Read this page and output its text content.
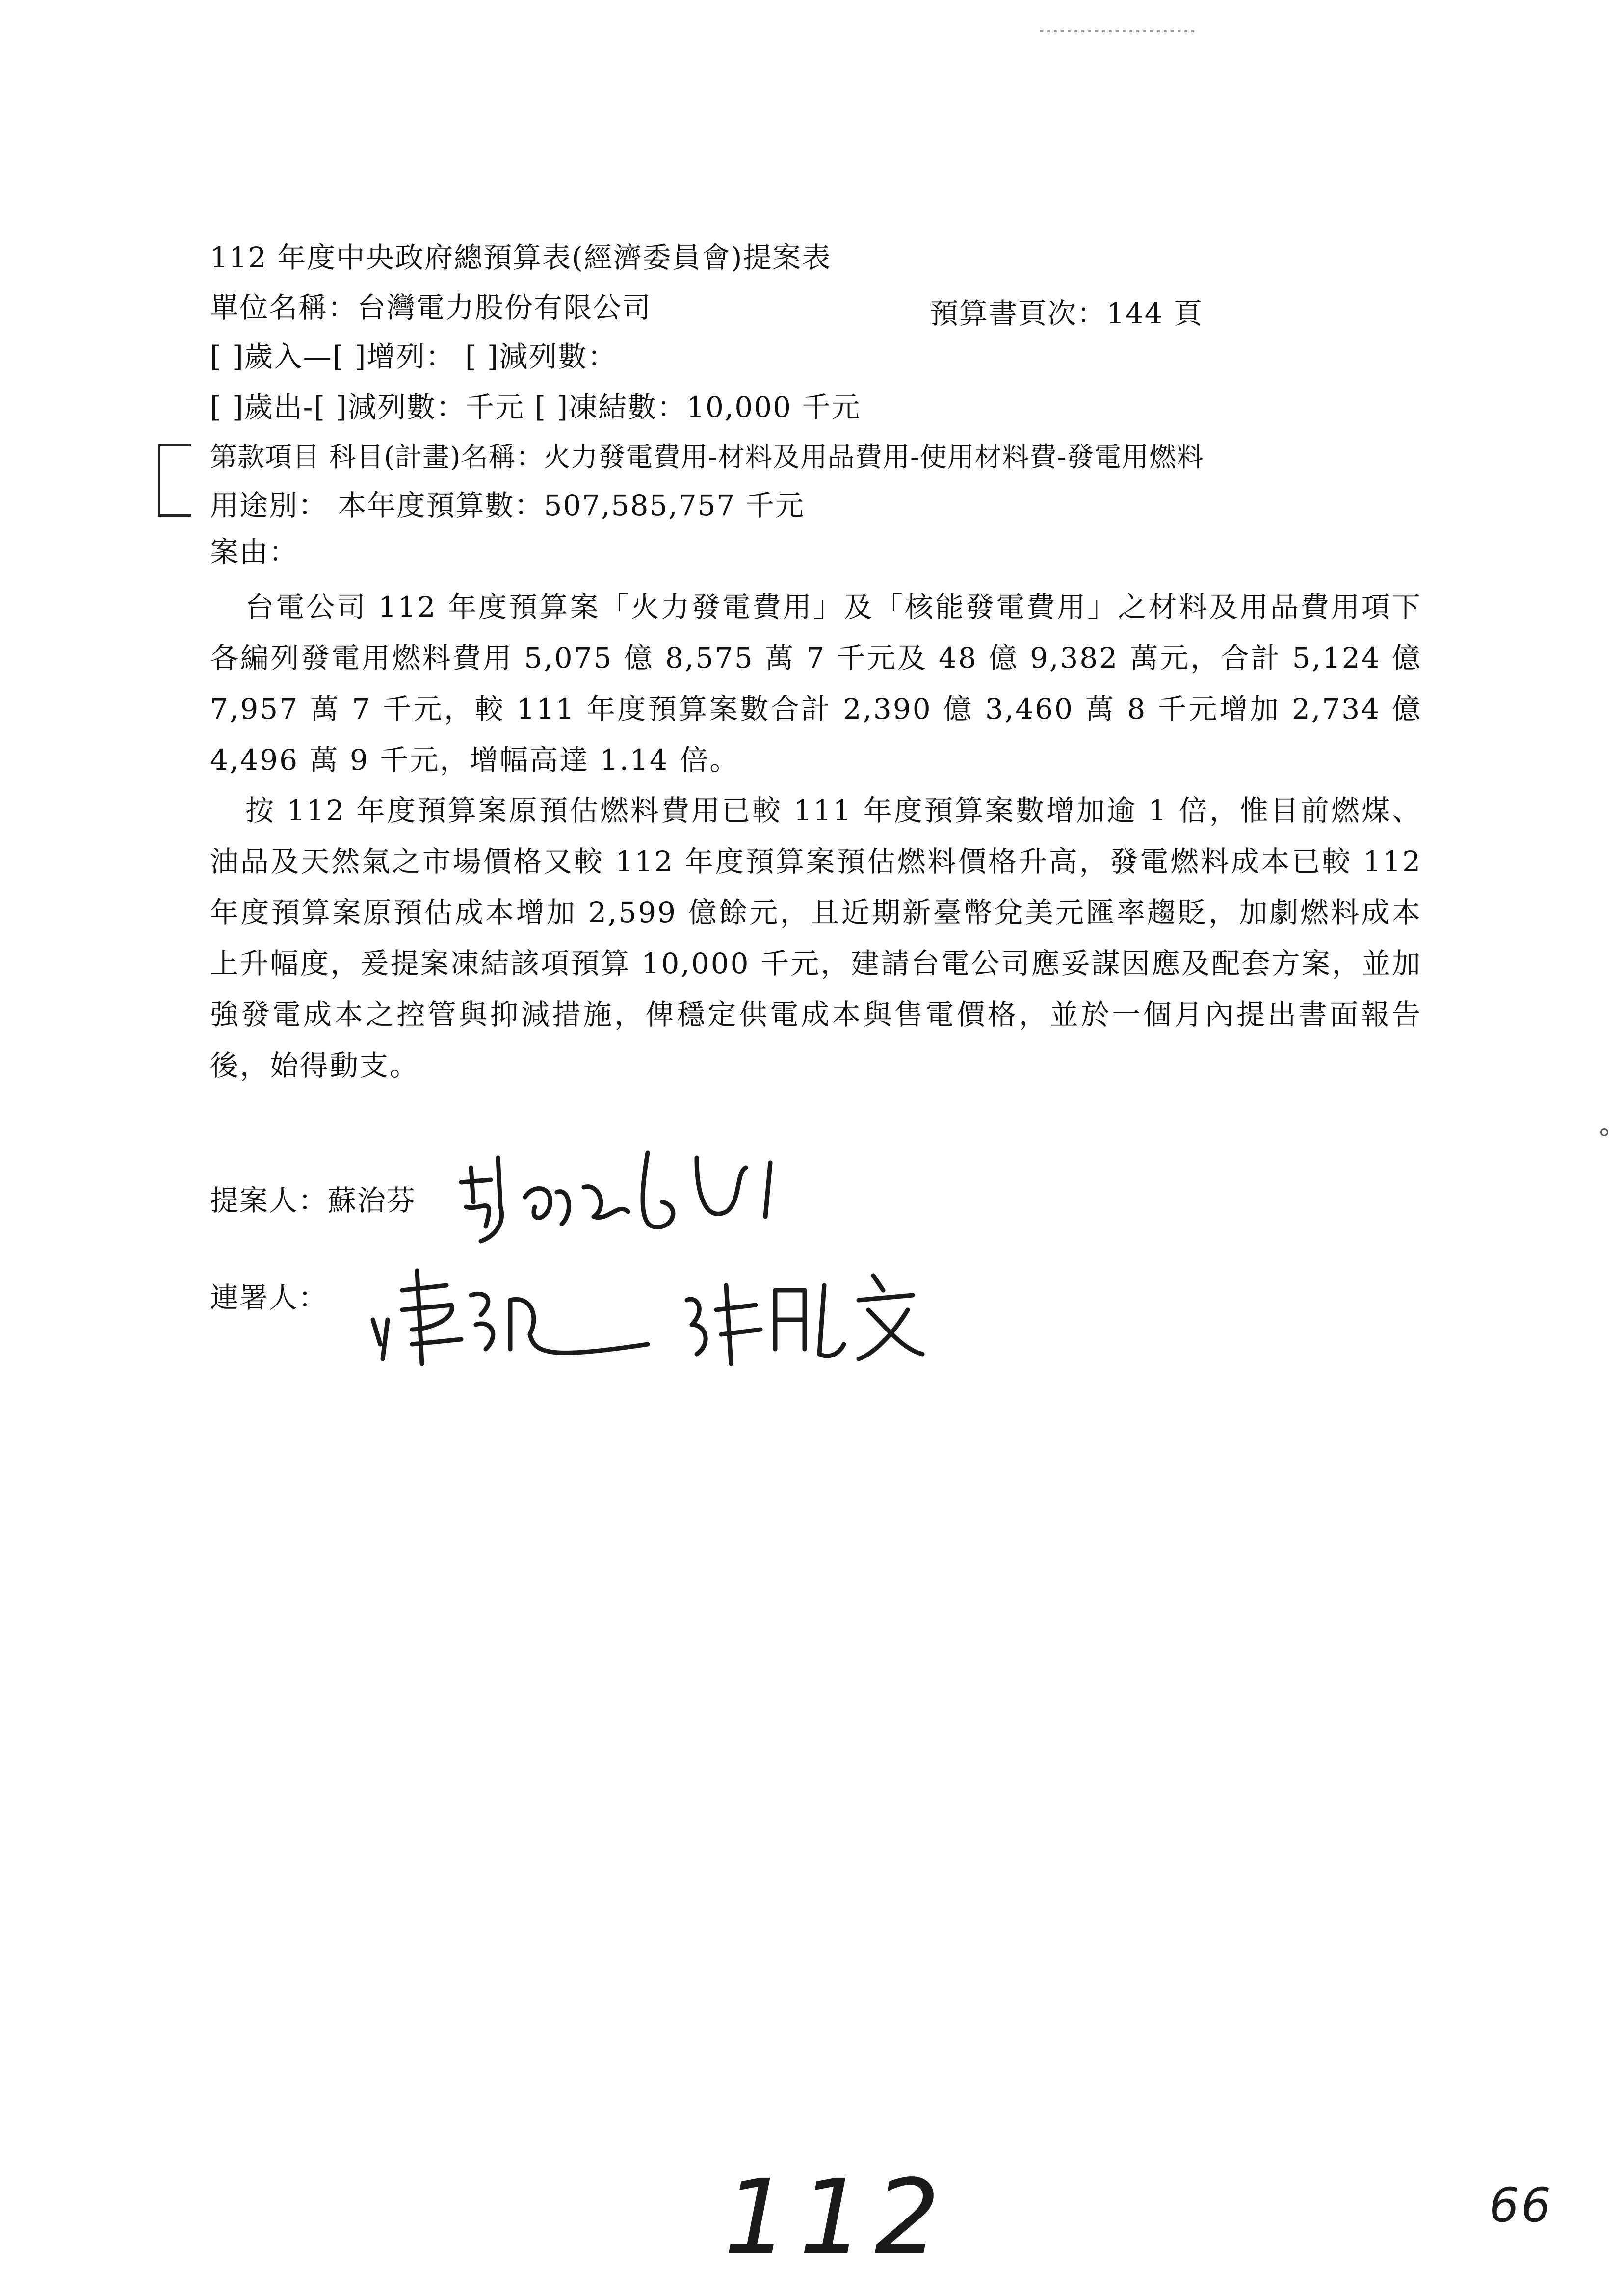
112 年度中央政府總預算表(經濟委員會)提案表
單位名稱：台灣電力股份有限公司	預算書頁次：144 頁
[ ]歲入—[ ]增列： [ ]減列數：
[ ]歲出-[ ]減列數：千元 [ ]凍結數：10,000 千元
第款項目 科目(計畫)名稱：火力發電費用-材料及用品費用-使用材料費-發電用燃料
用途別： 本年度預算數：507,585,757 千元
案由：
台電公司 112 年度預算案「火力發電費用」及「核能發電費用」之材料及用品費用項下各編列發電用燃料費用 5,075 億 8,575 萬 7 千元及 48 億 9,382 萬元，合計 5,124 億 7,957 萬 7 千元，較 111 年度預算案數合計 2,390 億 3,460 萬 8 千元增加 2,734 億 4,496 萬 9 千元，增幅高達 1.14 倍。
按 112 年度預算案原預估燃料費用已較 111 年度預算案數增加逾 1 倍，惟目前燃煤、油品及天然氣之市場價格又較 112 年度預算案預估燃料價格升高，發電燃料成本已較 112 年度預算案原預估成本增加 2,599 億餘元，且近期新臺幣兌美元匯率趨貶，加劇燃料成本上升幅度，爰提案凍結該項預算 10,000 千元，建請台電公司應妥謀因應及配套方案，並加強發電成本之控管與抑減措施，俾穩定供電成本與售電價格，並於一個月內提出書面報告後，始得動支。
提案人：蘇治芬
連署人：
112	66
